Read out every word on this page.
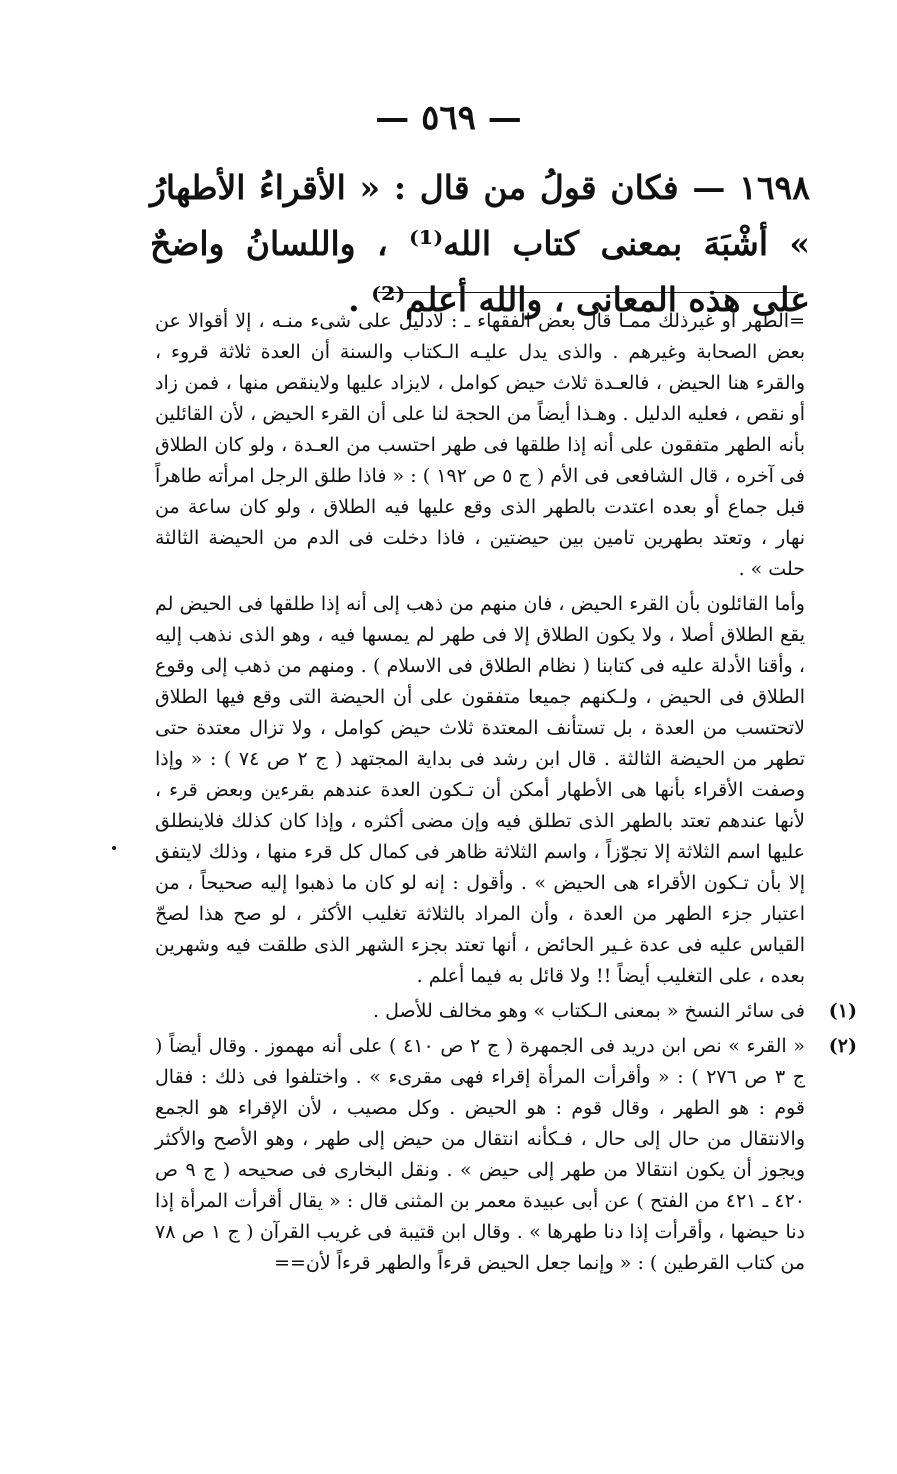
— ٥٦٩ —
١٦٩٨ — فكان قولُ من قال : « الأقراءُ الأطهارُ » أشْبَهَ بمعنى كتاب الله⁽¹⁾ ، واللسانُ واضحٌ على هذه المعانى ، والله أعلم⁽²⁾ .

=الطهر أو غيرذلك ممـا قال بعض الفقهاء ـ : لادليل على شىء منـه ، إلا أقوالا عن بعض الصحابة وغيرهم . والذى يدل عليـه الـكتاب والسنة أن العدة ثلاثة قروء ، والقرء هنا الحيض ، فالعـدة ثلاث حيض كوامل ، لايزاد عليها ولاينقص منها ، فمن زاد أو نقص ، فعليه الدليل . وهـذا أيضاً من الحجة لنا على أن القرء الحيض ، لأن القائلين بأنه الطهر متفقون على أنه إذا طلقها فى طهر احتسب من العـدة ، ولو كان الطلاق فى آخره ، قال الشافعى فى الأم ( ج ٥ ص ١٩٢ ) : « فاذا طلق الرجل امرأته طاهراً قبل جماع أو بعده اعتدت بالطهر الذى وقع عليها فيه الطلاق ، ولو كان ساعة من نهار ، وتعتد بطهرين تامين بين حيضتين ، فاذا دخلت فى الدم من الحيضة الثالثة حلت » .

وأما القائلون بأن القرء الحيض ، فان منهم من ذهب إلى أنه إذا طلقها فى الحيض لم يقع الطلاق أصلا ، ولا يكون الطلاق إلا فى طهر لم يمسها فيه ، وهو الذى نذهب إليه ، وأقنا الأدلة عليه فى كتابنا ( نظام الطلاق فى الاسلام ) . ومنهم من ذهب إلى وقوع الطلاق فى الحيض ، ولـكنهم جميعا متفقون على أن الحيضة التى وقع فيها الطلاق لاتحتسب من العدة ، بل تستأنف المعتدة ثلاث حيض كوامل ، ولا تزال معتدة حتى تطهر من الحيضة الثالثة . قال ابن رشد فى بداية المجتهد ( ج ٢ ص ٧٤ ) : « وإذا وصفت الأقراء بأنها هى الأطهار أمكن أن تـكون العدة عندهم بقرءين وبعض قرء ، لأنها عندهم تعتد بالطهر الذى تطلق فيه وإن مضى أكثره ، وإذا كان كذلك فلاينطلق عليها اسم الثلاثة إلا تجوّزاً ، واسم الثلاثة ظاهر فى كمال كل قرء منها ، وذلك لايتفق إلا بأن تـكون الأقراء هى الحيض » . وأقول : إنه لو كان ما ذهبوا إليه صحيحاً ، من اعتبار جزء الطهر من العدة ، وأن المراد بالثلاثة تغليب الأكثر ، لو صح هذا لصحّ القياس عليه فى عدة غـير الحائض ، أنها تعتد بجزء الشهر الذى طلقت فيه وشهرين بعده ، على التغليب أيضاً !! ولا قائل به فيما أعلم .

(١)
فى سائر النسخ « بمعنى الـكتاب » وهو مخالف للأصل .

(٢)
« القرء » نص ابن دريد فى الجمهرة ( ج ٢ ص ٤١٠ ) على أنه مهموز . وقال أيضاً ( ج ٣ ص ٢٧٦ ) : « وأقرأت المرأة إقراء فهى مقرىء » . واختلفوا فى ذلك : فقال قوم : هو الطهر ، وقال قوم : هو الحيض . وكل مصيب ، لأن الإقراء هو الجمع والانتقال من حال إلى حال ، فـكأنه انتقال من حيض إلى طهر ، وهو الأصح والأكثر ويجوز أن يكون انتقالا من طهر إلى حيض » . ونقل البخارى فى صحيحه ( ج ٩ ص ٤٢٠ ـ ٤٢١ من الفتح ) عن أبى عبيدة معمر بن المثنى قال : « يقال أقرأت المرأة إذا دنا حيضها ، وأقرأت إذا دنا طهرها » . وقال ابن قتيبة فى غريب القرآن ( ج ١ ص ٧٨ من كتاب القرطين ) : « وإنما جعل الحيض قرءاً والطهر قرءاً لأن==
